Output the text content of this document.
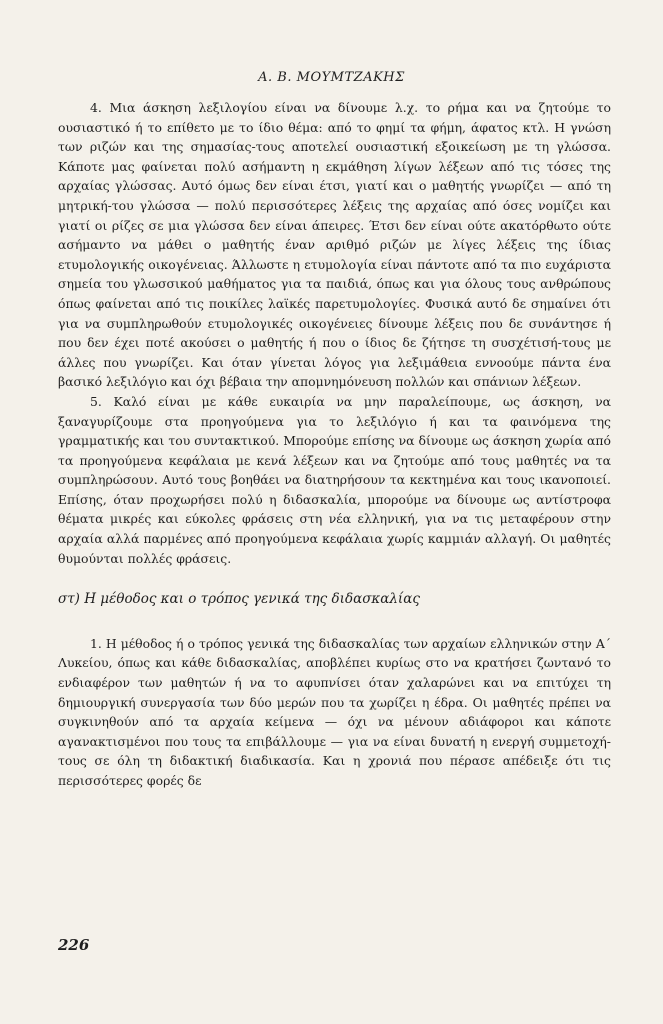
Α. Β. ΜΟΥΜΤΖΑΚΗΣ

4. Μια άσκηση λεξιλογίου είναι να δίνουμε λ.χ. το ρήμα και να ζητούμε το ουσιαστικό ή το επίθετο με το ίδιο θέμα: από το φημί τα φήμη, άφατος κτλ. Η γνώση των ριζών και της σημασίας-τους αποτελεί ουσιαστική εξοικείωση με τη γλώσσα. Κάποτε μας φαίνεται πολύ ασήμαντη η εκμάθηση λίγων λέξεων από τις τόσες της αρχαίας γλώσσας. Αυτό όμως δεν είναι έτσι, γιατί και ο μαθητής γνωρίζει — από τη μητρική-του γλώσσα — πολύ περισσότερες λέξεις της αρχαίας από όσες νομίζει και γιατί οι ρίζες σε μια γλώσσα δεν είναι άπειρες. Έτσι δεν είναι ούτε ακατόρθωτο ούτε ασήμαντο να μάθει ο μαθητής έναν αριθμό ριζών με λίγες λέξεις της ίδιας ετυμολογικής οικογένειας. Άλλωστε η ετυμολογία είναι πάντοτε από τα πιο ευχάριστα σημεία του γλωσσικού μαθήματος για τα παιδιά, όπως και για όλους τους ανθρώπους όπως φαίνεται από τις ποικίλες λαϊκές παρετυμολογίες. Φυσικά αυτό δε σημαίνει ότι για να συμπληρωθούν ετυμολογικές οικογένειες δίνουμε λέξεις που δε συνάντησε ή που δεν έχει ποτέ ακούσει ο μαθητής ή που ο ίδιος δε ζήτησε τη συσχέτισή-τους με άλλες που γνωρίζει. Και όταν γίνεται λόγος για λεξιμάθεια εννοούμε πάντα ένα βασικό λεξιλόγιο και όχι βέβαια την απομνημόνευση πολλών και σπάνιων λέξεων.

5. Καλό είναι με κάθε ευκαιρία να μην παραλείπουμε, ως άσκηση, να ξαναγυρίζουμε στα προηγούμενα για το λεξιλόγιο ή και τα φαινόμενα της γραμματικής και του συντακτικού. Μπορούμε επίσης να δίνουμε ως άσκηση χωρία από τα προηγούμενα κεφάλαια με κενά λέξεων και να ζητούμε από τους μαθητές να τα συμπληρώσουν. Αυτό τους βοηθάει να διατηρήσουν τα κεκτημένα και τους ικανοποιεί. Επίσης, όταν προχωρήσει πολύ η διδασκαλία, μπορούμε να δίνουμε ως αντίστροφα θέματα μικρές και εύκολες φράσεις στη νέα ελληνική, για να τις μεταφέρουν στην αρχαία αλλά παρμένες από προηγούμενα κεφάλαια χωρίς καμμιάν αλλαγή. Οι μαθητές θυμούνται πολλές φράσεις.

στ) Η μέθοδος και ο τρόπος γενικά της διδασκαλίας

1. Η μέθοδος ή ο τρόπος γενικά της διδασκαλίας των αρχαίων ελληνικών στην Α΄ Λυκείου, όπως και κάθε διδασκαλίας, αποβλέπει κυρίως στο να κρατήσει ζωντανό το ενδιαφέρον των μαθητών ή να το αφυπνίσει όταν χαλαρώνει και να επιτύχει τη δημιουργική συνεργασία των δύο μερών που τα χωρίζει η έδρα. Οι μαθητές πρέπει να συγκινηθούν από τα αρχαία κείμενα — όχι να μένουν αδιάφοροι και κάποτε αγανακτισμένοι που τους τα επιβάλλουμε — για να είναι δυνατή η ενεργή συμμετοχή-τους σε όλη τη διδακτική διαδικασία. Και η χρονιά που πέρασε απέδειξε ότι τις περισσότερες φορές δε

226
